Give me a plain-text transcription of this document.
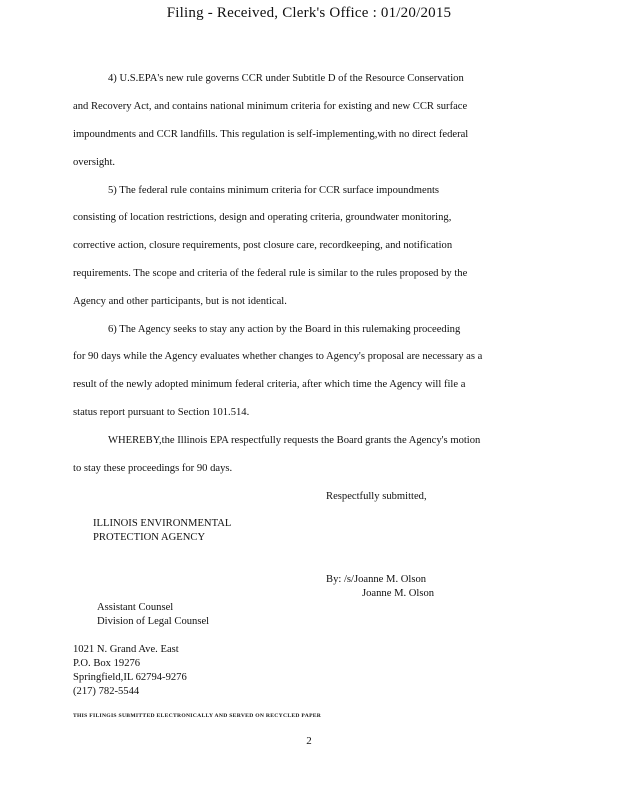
Filing - Received, Clerk's Office : 01/20/2015
4) U.S.EPA's new rule governs CCR under Subtitle D of the Resource Conservation
and Recovery Act, and contains national minimum criteria for existing and new CCR surface
impoundments and CCR landfills. This regulation is self-implementing,with no direct federal
oversight.
5) The federal rule contains minimum criteria for CCR surface impoundments
consisting of location restrictions, design and operating criteria, groundwater monitoring,
corrective action, closure requirements, post closure care, recordkeeping, and notification
requirements. The scope and criteria of the federal rule is similar to the rules proposed by the
Agency and other participants, but is not identical.
6) The Agency seeks to stay any action by the Board in this rulemaking proceeding
for 90 days while the Agency evaluates whether changes to Agency's proposal are necessary as a
result of the newly adopted minimum federal criteria, after which time the Agency will file a
status report pursuant to Section 101.514.
WHEREBY,the Illinois EPA respectfully requests the Board grants the Agency's motion
to stay these proceedings for 90 days.
Respectfully submitted,
ILLINOIS ENVIRONMENTAL
PROTECTION AGENCY
By: /s/Joanne M. Olson
Joanne M. Olson
Assistant Counsel
Division of Legal Counsel
1021 N. Grand Ave. East
P.O. Box 19276
Springfield,IL 62794-9276
(217) 782-5544
THIS FILINGIS SUBMITTED ELECTRONICALLY AND SERVED ON RECYCLED PAPER
2
